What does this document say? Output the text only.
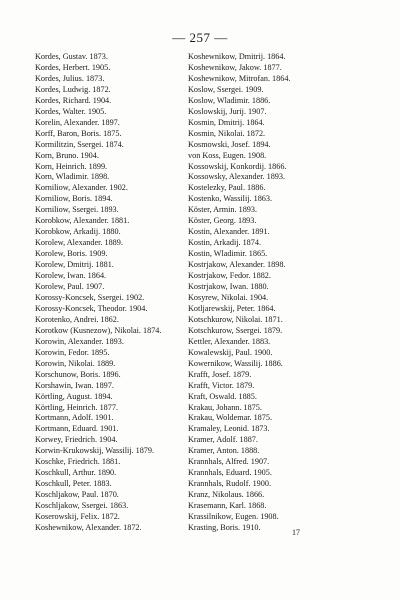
— 257 —
Kordes, Gustav. 1873.
Kordes, Herbert. 1905.
Kordes, Julius. 1873.
Kordes, Ludwig. 1872.
Kordes, Richard. 1904.
Kordes, Walter. 1905.
Korelin, Alexander. 1897.
Korff, Baron, Boris. 1875.
Kormilitzin, Ssergei. 1874.
Korn, Bruno. 1904.
Korn, Heinrich. 1899.
Korn, Wladimir. 1898.
Korniliow, Alexander. 1902.
Korniliow, Boris. 1894.
Korniliow, Ssergei. 1893.
Korobkow, Alexander. 1881.
Korobkow, Arkadij. 1880.
Korolew, Alexander. 1889.
Korolew, Boris. 1909.
Korolew, Dmitrij. 1881.
Korolew, Iwan. 1864.
Korolew, Paul. 1907.
Korossy-Koncsek, Ssergei. 1902.
Korossy-Koncsek, Theodor. 1904.
Korotenko, Andrei. 1862.
Korotkow (Kusnezow), Nikolai. 1874.
Korowin, Alexander. 1893.
Korowin, Fedor. 1895.
Korowin, Nikolai. 1889.
Korschunow, Boris. 1896.
Korshawin, Iwan. 1897.
Körtling, August. 1894.
Körtling, Heinrich. 1877.
Kortmann, Adolf. 1901.
Kortmann, Eduard. 1901.
Korwey, Friedrich. 1904.
Korwin-Krukowskij, Wassilij. 1879.
Koschke, Friedrich. 1881.
Koschkull, Arthur. 1890.
Koschkull, Peter. 1883.
Koschljakow, Paul. 1870.
Koschljakow, Ssergei. 1863.
Koserowskij, Felix. 1872.
Koshewnikow, Alexander. 1872.
Koshewnikow, Dmitrij. 1864.
Koshewnikow, Jakow. 1877.
Koshewnikow, Mitrofan. 1864.
Koslow, Ssergei. 1909.
Koslow, Wladimir. 1886.
Koslowskij, Jurij. 1907.
Kosmin, Dmitrij. 1864.
Kosmin, Nikolai. 1872.
Kosmowski, Josef. 1894.
von Koss, Eugen. 1908.
Kossowskij, Konkordij. 1866.
Kossowsky, Alexander. 1893.
Kostelezky, Paul. 1886.
Kostenko, Wassilij. 1863.
Köster, Armin. 1893.
Köster, Georg. 1893.
Kostin, Alexander. 1891.
Kostin, Arkadij. 1874.
Kostin, Wladimir. 1865.
Kostrjakow, Alexander. 1898.
Kostrjakow, Fedor. 1882.
Kostrjakow, Iwan. 1880.
Kosyrew, Nikolai. 1904.
Kotljarewskij, Peter. 1864.
Kotschkurow, Nikolai. 1871.
Kotschkurow, Ssergei. 1879.
Kettler, Alexander. 1883.
Kowalewskij, Paul. 1900.
Kowernikow, Wassilij. 1886.
Krafft, Josef. 1879.
Krafft, Victor. 1879.
Kraft, Oswald. 1885.
Krakau, Johann. 1875.
Krakau, Woldemar. 1875.
Kramaley, Leonid. 1873.
Kramer, Adolf. 1887.
Kramer, Anton. 1888.
Krannhals, Alfred. 1907.
Krannhals, Eduard. 1905.
Krannhals, Rudolf. 1900.
Kranz, Nikolaus. 1866.
Krasemann, Karl. 1868.
Krassilnikow, Eugen. 1908.
Krasting, Boris. 1910.
17
